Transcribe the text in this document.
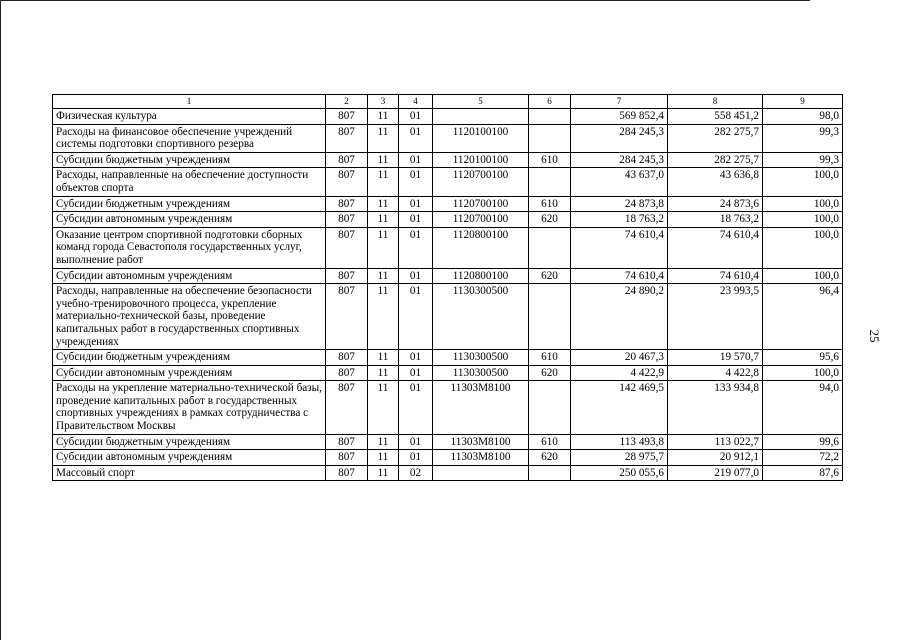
1	2	3	4	5	6	7	8	9
Физическая культура	807	11	01			569 852,4	558 451,2	98,0
Расходы на финансовое обеспечение учреждений системы подготовки спортивного резерва	807	11	01	1120100100		284 245,3	282 275,7	99,3
Субсидии бюджетным учреждениям	807	11	01	1120100100	610	284 245,3	282 275,7	99,3
Расходы, направленные на обеспечение доступности объектов спорта	807	11	01	1120700100		43 637,0	43 636,8	100,0
Субсидии бюджетным учреждениям	807	11	01	1120700100	610	24 873,8	24 873,6	100,0
Субсидии автономным учреждениям	807	11	01	1120700100	620	18 763,2	18 763,2	100,0
Оказание центром спортивной подготовки сборных команд города Севастополя государственных услуг, выполнение работ	807	11	01	1120800100		74 610,4	74 610,4	100,0
Субсидии автономным учреждениям	807	11	01	1120800100	620	74 610,4	74 610,4	100,0
Расходы, направленные на обеспечение безопасности учебно-тренировочного процесса, укрепление материально-технической базы, проведение капитальных работ в государственных спортивных учреждениях	807	11	01	1130300500		24 890,2	23 993,5	96,4
Субсидии бюджетным учреждениям	807	11	01	1130300500	610	20 467,3	19 570,7	95,6
Субсидии автономным учреждениям	807	11	01	1130300500	620	4 422,9	4 422,8	100,0
Расходы на укрепление материально-технической базы, проведение капитальных работ в государственных спортивных учреждениях в рамках сотрудничества с Правительством Москвы	807	11	01	11303М8100		142 469,5	133 934,8	94,0
Субсидии бюджетным учреждениям	807	11	01	11303М8100	610	113 493,8	113 022,7	99,6
Субсидии автономным учреждениям	807	11	01	11303М8100	620	28 975,7	20 912,1	72,2
Массовый спорт	807	11	02			250 055,6	219 077,0	87,6
25
